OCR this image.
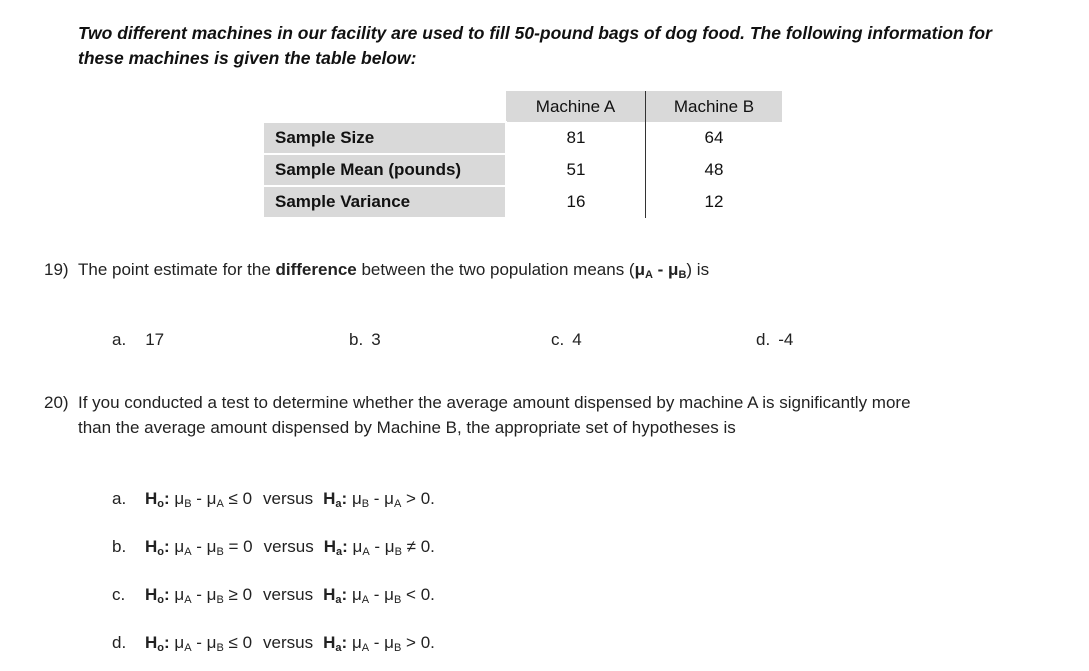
Two different machines in our facility are used to fill 50-pound bags of dog food. The following information for these machines is given the table below:
	Machine A	Machine B
Sample Size	81	64
Sample Mean (pounds)	51	48
Sample Variance	16	12
19) The point estimate for the difference between the two population means $(\mu_A - \mu_B)$ is
a. 17	b. 3	c. 4	d. -4
20) If you conducted a test to determine whether the average amount dispensed by machine A is significantly more
than the average amount dispensed by Machine B, the appropriate set of hypotheses is
a. $H_o$: $\mu_B - \mu_A \le 0$ versus $H_a$: $\mu_B - \mu_A > 0$.
b. $H_o$: $\mu_A - \mu_B = 0$ versus $H_a$: $\mu_A - \mu_B \ne 0$.
c. $H_o$: $\mu_A - \mu_B \ge 0$ versus $H_a$: $\mu_A - \mu_B < 0$.
d. $H_o$: $\mu_A - \mu_B \le 0$ versus $H_a$: $\mu_A - \mu_B > 0$.
